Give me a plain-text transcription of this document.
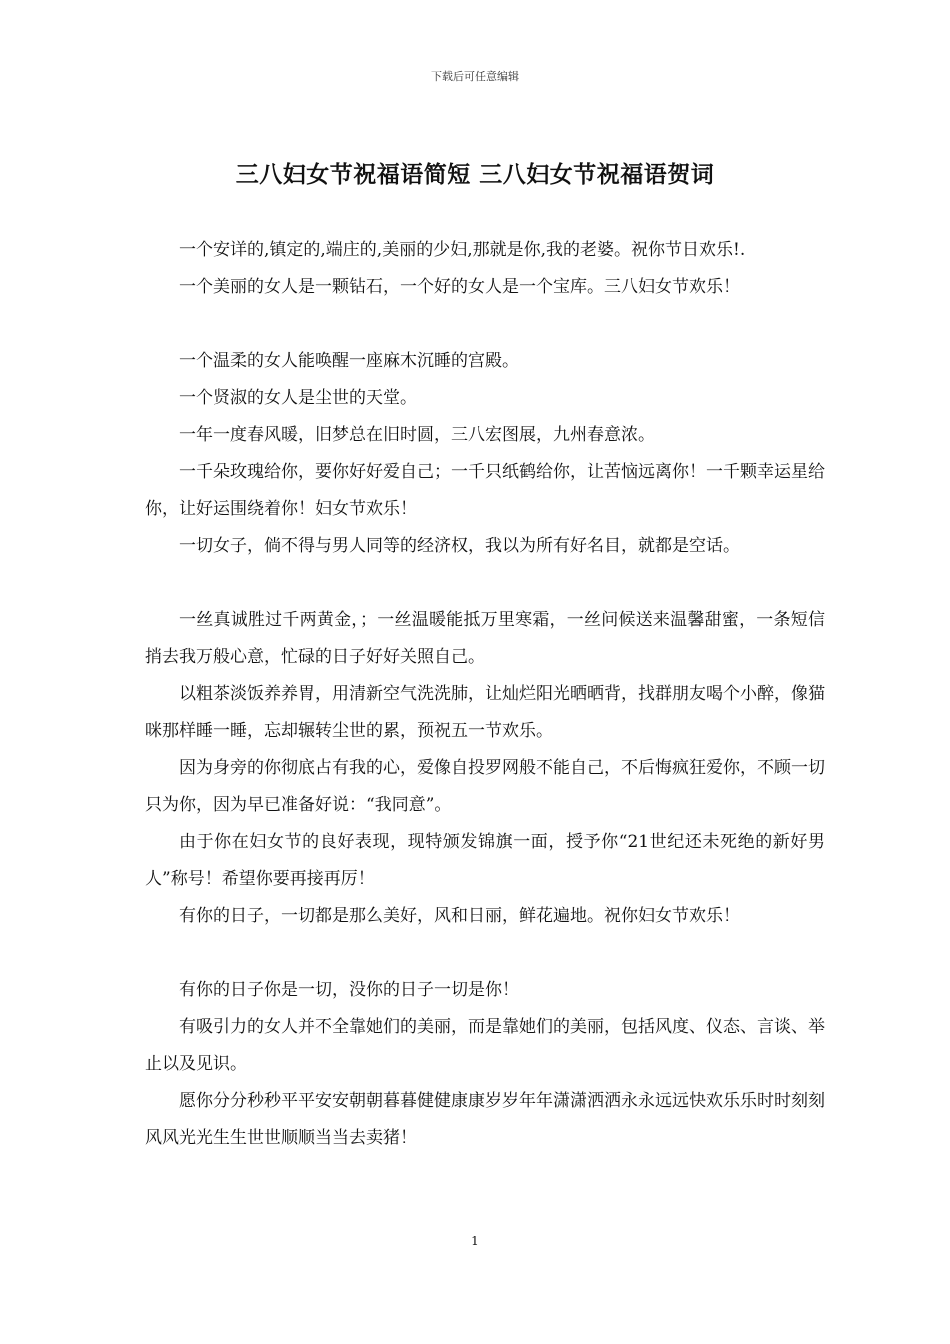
下载后可任意编辑
三八妇女节祝福语简短 三八妇女节祝福语贺词

一个安详的,镇定的,端庄的,美丽的少妇,那就是你,我的老婆。祝你节日欢乐!.

一个美丽的女人是一颗钻石，一个好的女人是一个宝库。三八妇女节欢乐！

一个温柔的女人能唤醒一座麻木沉睡的宫殿。

一个贤淑的女人是尘世的天堂。

一年一度春风暖，旧梦总在旧时圆，三八宏图展，九州春意浓。

一千朵玫瑰给你，要你好好爱自己；一千只纸鹤给你，让苦恼远离你！一千颗幸运星给你，让好运围绕着你！妇女节欢乐！

一切女子，倘不得与男人同等的经济权，我以为所有好名目，就都是空话。

一丝真诚胜过千两黄金，；一丝温暖能抵万里寒霜，一丝问候送来温馨甜蜜，一条短信捎去我万般心意，忙碌的日子好好关照自己。

以粗茶淡饭养养胃，用清新空气洗洗肺，让灿烂阳光晒晒背，找群朋友喝个小醉，像猫咪那样睡一睡，忘却辗转尘世的累，预祝五一节欢乐。

因为身旁的你彻底占有我的心，爱像自投罗网般不能自己，不后悔疯狂爱你，不顾一切只为你，因为早已准备好说：“我同意”。

由于你在妇女节的良好表现，现特颁发锦旗一面，授予你“21世纪还未死绝的新好男人”称号！希望你要再接再厉！

有你的日子，一切都是那么美好，风和日丽，鲜花遍地。祝你妇女节欢乐！

有你的日子你是一切，没你的日子一切是你！

有吸引力的女人并不全靠她们的美丽，而是靠她们的美丽，包括风度、仪态、言谈、举止以及见识。

愿你分分秒秒平平安安朝朝暮暮健健康康岁岁年年潇潇洒洒永永远远快欢乐乐时时刻刻风风光光生生世世顺顺当当去卖猪！

1
